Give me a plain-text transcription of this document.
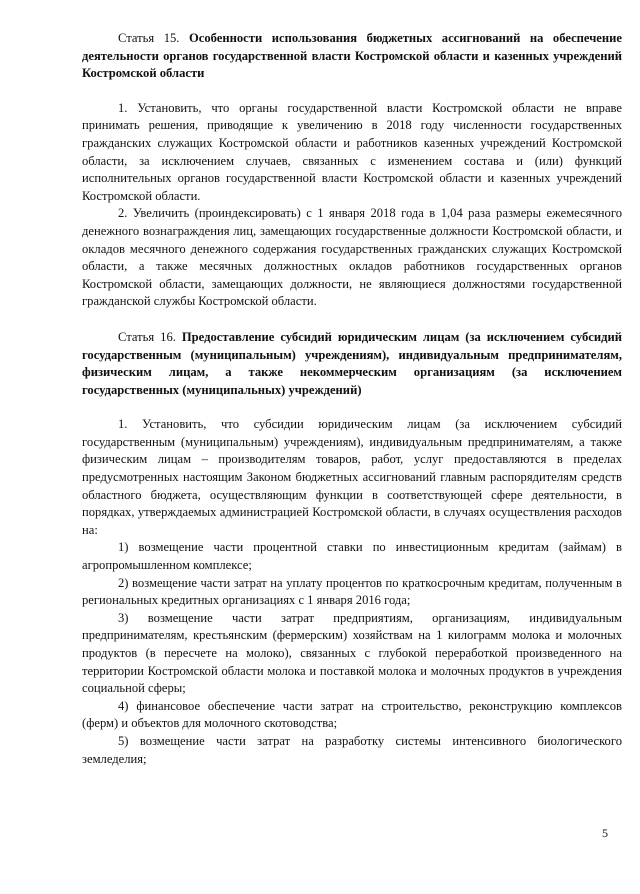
Статья 15. Особенности использования бюджетных ассигнований на обеспечение деятельности органов государственной власти Костромской области и казенных учреждений Костромской области

1. Установить, что органы государственной власти Костромской области не вправе принимать решения, приводящие к увеличению в 2018 году численности государственных гражданских служащих Костромской области и работников казенных учреждений Костромской области, за исключением случаев, связанных с изменением состава и (или) функций исполнительных органов государственной власти Костромской области и казенных учреждений Костромской области.

2. Увеличить (проиндексировать) с 1 января 2018 года в 1,04 раза размеры ежемесячного денежного вознаграждения лиц, замещающих государственные должности Костромской области, и окладов месячного денежного содержания государственных гражданских служащих Костромской области, а также месячных должностных окладов работников государственных органов Костромской области, замещающих должности, не являющиеся должностями государственной гражданской службы Костромской области.

Статья 16. Предоставление субсидий юридическим лицам (за исключением субсидий государственным (муниципальным) учреждениям), индивидуальным предпринимателям, физическим лицам, а также некоммерческим организациям (за исключением государственных (муниципальных) учреждений)

1. Установить, что субсидии юридическим лицам (за исключением субсидий государственным (муниципальным) учреждениям), индивидуальным предпринимателям, а также физическим лицам – производителям товаров, работ, услуг предоставляются в пределах предусмотренных настоящим Законом бюджетных ассигнований главным распорядителям средств областного бюджета, осуществляющим функции в соответствующей сфере деятельности, в порядках, утверждаемых администрацией Костромской области, в случаях осуществления расходов на:

1) возмещение части процентной ставки по инвестиционным кредитам (займам) в агропромышленном комплексе;

2) возмещение части затрат на уплату процентов по краткосрочным кредитам, полученным в региональных кредитных организациях с 1 января 2016 года;

3) возмещение части затрат предприятиям, организациям, индивидуальным предпринимателям, крестьянским (фермерским) хозяйствам на 1 килограмм молока и молочных продуктов (в пересчете на молоко), связанных с глубокой переработкой произведенного на территории Костромской области молока и поставкой молока и молочных продуктов в учреждения социальной сферы;

4) финансовое обеспечение части затрат на строительство, реконструкцию комплексов (ферм) и объектов для молочного скотоводства;

5) возмещение части затрат на разработку системы интенсивного биологического земледелия;

5
